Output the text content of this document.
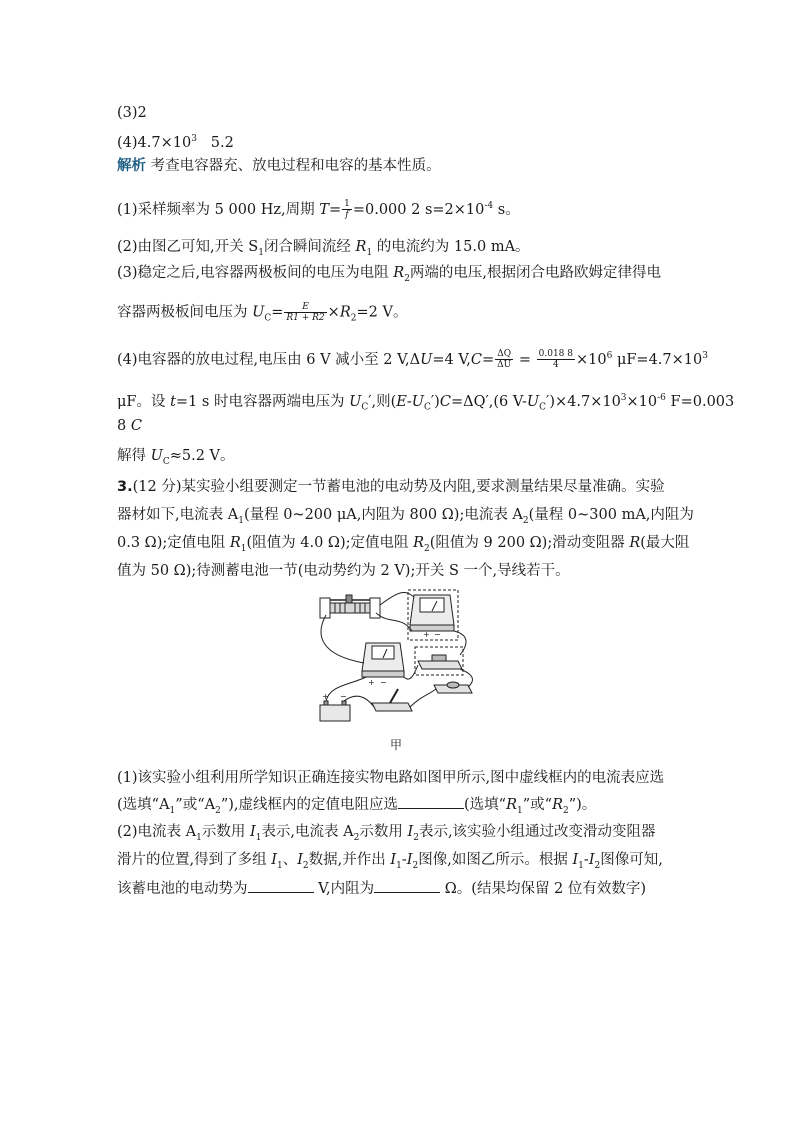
(3)2
$(4)4.7\times 10^3$ 5.2
解析 考查电容器充、放电过程和电容的基本性质。
(1)采样频率为 5 000 Hz,周期 $T= \frac{1}{f} =0.000$ 2 $s=2\times 10^{-4}$ s。
(2)由图乙可知,开关 $S_1$闭合瞬间流经 $R_1$ 的电流约为 15.0 mA。
(3)稳定之后,电容器两极板间的电压为电阻 $R_2$两端的电压,根据闭合电路欧姆定律得电
容器两极板间电压为 $U_C= \frac{E}{R1 + R2} \times R_2=2$ V。
(4)电容器的放电过程,电压由 6 V 减小至 2 V,ΔU=4 $V,C= \frac{\Delta Q}{\Delta U} = \frac{0.018 8}{4} \times 10^6$ $\mu F=4.7\times 10^3$
μF。设 t=1 s 时电容器两端电压为 $U_C'$,则$(E-U_C')C=\Delta Q',(6$ $V-U_C')\times 4.7\times 10^3\times 10^{-6}$ F=0.003
8 C
解得 $U_C\approx 5.2$ V。
3.(12 分)某实验小组要测定一节蓄电池的电动势及内阻,要求测量结果尽量准确。实验
器材如下,电流表 $A_1$(量程 0~200 μA,内阻为 800 Ω);电流表 $A_2$(量程 0~300 mA,内阻为
0.3 Ω);定值电阻 $R_1$(阻值为 4.0 Ω);定值电阻 $R_2$(阻值为 9 200 Ω);滑动变阻器 R(最大阻
值为 50 Ω);待测蓄电池一节(电动势约为 2 V);开关 S 一个,导线若干。
+ −
+ −
+ −
甲
(1)该实验小组利用所学知识正确连接实物电路如图甲所示,图中虚线框内的电流表应选
(选填“$A_1$”或“$A_2$”),虚线框内的定值电阻应选	(选填“$R_1$”或“$R_2$”)。
(2)电流表 $A_1$示数用 $I_1$表示,电流表 $A_2$示数用 $I_2$表示,该实验小组通过改变滑动变阻器
滑片的位置,得到了多组 $I_1$、$I_2$数据,并作出 $I_1-I_2$图像,如图乙所示。根据 $I_1-I_2$图像可知,
该蓄电池的电动势为	V,内阻为	Ω。(结果均保留 2 位有效数字)
